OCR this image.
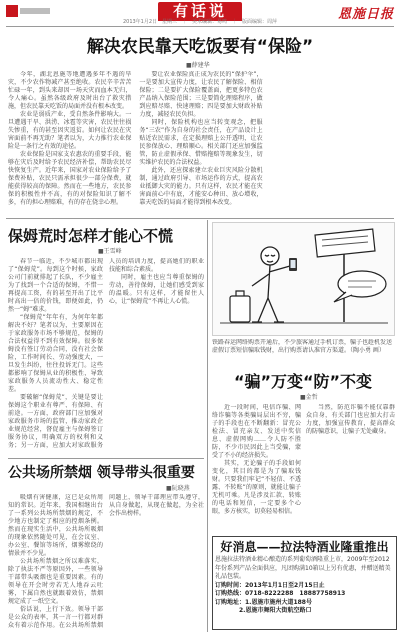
有话说	恩施日报
2013年1月2日　星期三　｜　美术编辑：易鸣　｜　版面编辑：周萍
解决农民靠天吃饭要有“保险”
■薛建华

今年，湖北恩施等地遭遇多年不遇的旱灾，不少农作物减产甚至绝收。农民辛辛苦苦忙碌一年，到头来却因一场天灾而血本无归，令人痛心。虽然各级政府及时出台了救灾措施，但农民靠天吃饭的局面并没有根本改变。

农业是弱质产业，受自然条件影响大。一旦遭遇干旱、洪涝、冰雹等灾害，农民往往损失惨重，有的甚至因灾返贫。如何让农民在灾害面前不再无助？笔者以为，大力推行农业保险是一条行之有效的途径。

农业保险是国家支农惠农的重要手段，能够在灾后及时给予农民经济补偿，帮助农民尽快恢复生产。近年来，国家对农业保险给予了保费补贴，农民只需承担很少一部分保费，就能获得较高的保障。然而在一些地方，农民参保的积极性并不高，有的对保险知识了解不多，有的担心理赔难，有的存在侥幸心理。

要让农业保险真正成为农民的“保护伞”，一是要加大宣传力度，让农民了解保险、相信保险；二是要扩大保险覆盖面，把更多特色农产品纳入保险范围；三是要简化理赔程序，做到应赔尽赔、快速理赔；四是要加大财政补贴力度，减轻农民负担。

同时，保险机构也应当转变观念，把服务“三农”作为自身的社会责任，在产品设计上贴近农民需求，在定损理赔上公开透明，让农民参保放心、理赔顺心。相关部门还应加强监管，防止虚假承保、惜赔拖赔等现象发生，切实维护农民的合法权益。

此外，还应探索建立农业巨灾风险分散机制，通过政府引导、市场运作的方式，提高农业抵御大灾的能力。只有这样，农民才能在灾害面前心中有底，才能安心种田、放心增收，靠天吃饭的局面才能得到根本改变。

保姆荒时怎样才能心不慌
■王雪峰

春节一临近，不少城市都出现了“保姆荒”。每到这个时候，家政公司门前就排起了长队，不少雇主为了找到一个合适的保姆，不惜一再提高工资，有的甚至开出了比平时高出一倍的价钱，即便如此，仍然一“姆”难求。

“保姆荒”年年有，为何年年都解决不好？笔者以为，主要原因在于家政服务市场不够规范，保姆的合法权益得不到有效保障。很多保姆没有签订劳动合同，没有社会保险，工作时间长、劳动强度大，一旦发生纠纷，往往投诉无门。这些都影响了保姆从业的积极性，导致家政服务人员流动性大、稳定性差。

要破解“保姆荒”，关键是要让保姆这个职业有尊严、有保障、有前途。一方面，政府部门应加强对家政服务市场的监管，推动家政企业规范经营，督促雇主与保姆签订服务协议，明确双方的权利和义务；另一方面，应加大对家政服务人员的培训力度，提高她们的职业技能和综合素质。

同时，雇主也应当尊重保姆的劳动，善待保姆，让她们感受到家的温暖。只有这样，才能留住人心，让“保姆荒”不再让人心慌。

公共场所禁烟 领导带头很重要
■阮晓燕

吸烟有害健康，这已是众所周知的常识。近年来，我国相继出台了一系列公共场所禁烟的规定，不少地方也制定了相应的控烟条例。然而在现实生活中，公共场所吸烟的现象依然随处可见，在会议室、办公室、餐馆等场所，烟雾缭绕的情景并不少见。

公共场所禁烟之所以难落实，除了执法不严等原因外，一些领导干部带头吸烟也是重要因素。有的领导在开会时旁若无人地吞云吐雾，下属自然也就跟着效仿，禁烟规定成了一纸空文。

俗话说，上行下效。领导干部是公众的表率，其一言一行都对群众有着示范作用。在公共场所禁烟问题上，领导干部理应带头遵守，从自身做起，从现在做起，为全社会作出榜样。

铁路春运网络购票开通后，不少旅客通过手机订票，骗子也趁机发送虚假订票短信骗取钱财，出行购票请认准官方渠道。（陶小勇 画）
“骗”万变“防”不变
■金哲

近一段时间，电信诈骗、网络诈骗等各类骗局层出不穷，骗子的手段也在不断翻新：冒充公检法、冒充亲友、发送中奖信息、虚假网购……令人防不胜防，不少市民因此上当受骗，蒙受了不小的经济损失。

其实，无论骗子的手段如何变化，其目的都是为了骗取钱财。只要我们牢记“不轻信、不透露、不转账”的原则，就能让骗子无机可乘。凡是涉及汇款、转账的电话和短信，一定要多个心眼，多方核实，切莫轻易相信。

当然，防范诈骗不能仅靠群众自身，有关部门也应加大打击力度，加强宣传教育，提高群众的防骗意识，让骗子无处藏身。

好消息——拉法特酒业隆重推出

恩施拉法特酒业精心酿造的系列葡萄酒隆重上市，2009年至2012年份系列产品全面供应，凡团购满10箱以上另有优惠，并赠送精美礼品包装。

订购时间：2013年1月1日至2月15日止

订购热线：0718-8222288　18887758913

订购地址：1.恩施市施州大道188号

2.恩施市舞阳大街航空路口
